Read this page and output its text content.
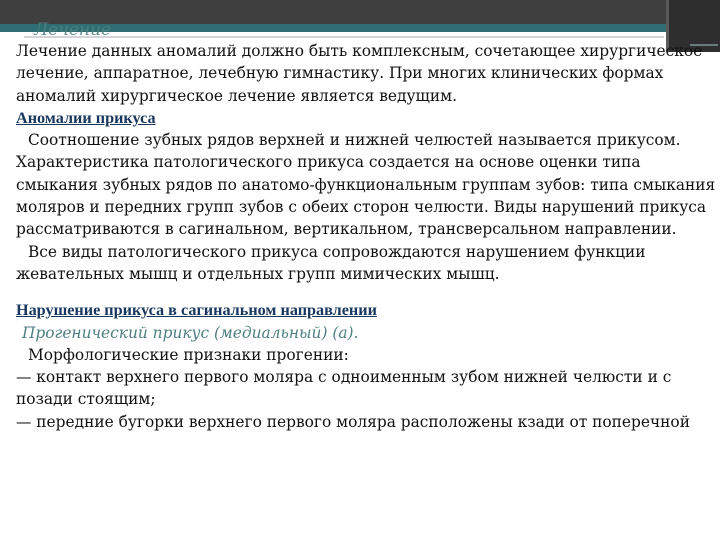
Лечение

Лечение данных аномалий должно быть комплексным, сочетающее хирургическое лечение, аппаратное, лечебную гимнастику. При многих клинических формах аномалий хирургическое лечение является ведущим.

Аномалии прикуса

Соотношение зубных рядов верхней и нижней челюстей называется прикусом. Характеристика патологического прикуса создается на основе оценки типа смыкания зубных рядов по анатомо-функциональным группам зубов: типа смыкания моляров и передних групп зубов с обеих сторон челюсти. Виды нарушений прикуса рассматриваются в сагинальном, вертикальном, трансверсальном направлении.

Все виды патологического прикуса сопровождаются нарушением функции жевательных мышц и отдельных групп мимических мышц.

Нарушение прикуса в сагинальном направлении

Прогенический прикус (медиальный) (а).

Морфологические признаки прогении:

— контакт верхнего первого моляра с одноименным зубом нижней челюсти и с позади стоящим;

— передние бугорки верхнего первого моляра расположены кзади от поперечной
